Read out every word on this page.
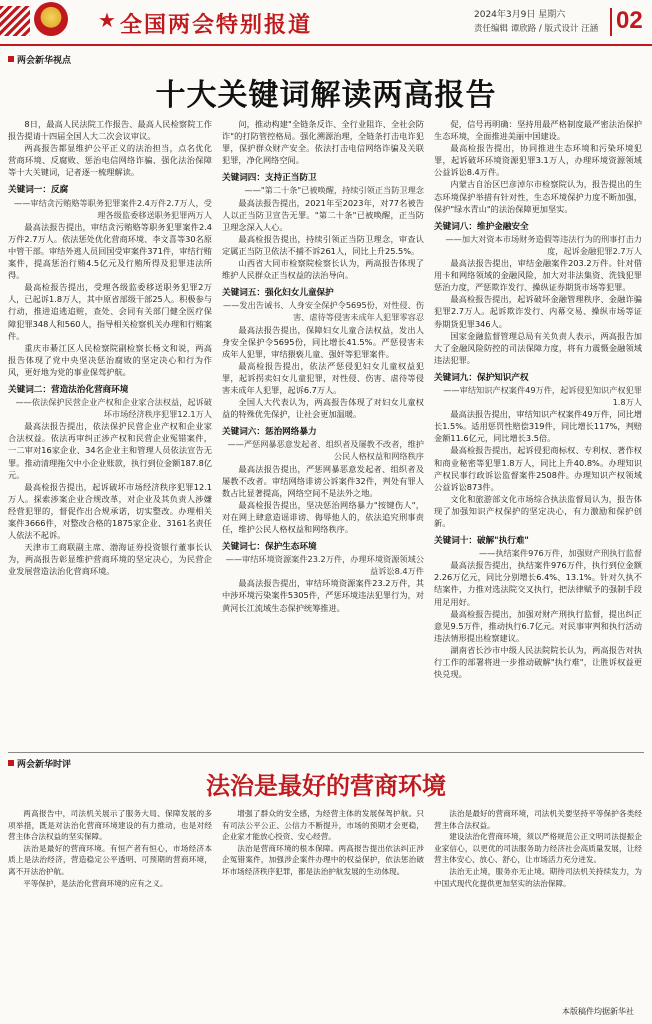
★ 全国两会特别报道	2024年3月9日 星期六
责任编辑 谭欣路 / 版式设计 汪涵 02
两会新华视点
十大关键词解读两高报告

8日，最高人民法院工作报告、最高人民检察院工作报告提请十四届全国人大二次会议审议。

两高报告都显维护公平正义的法治担当，点名优化营商环境、反腐败、惩治电信网络诈骗、强化法治保障等十大关键词，记者逐一梳理解读。

关键词一：反腐

——审结贪污贿赂等职务犯罪案件2.4万件2.7万人，受理各级监委移送职务犯罪两万人

最高法报告提出，审结贪污贿赂等职务犯罪案件2.4万件2.7万人。依法惩处优化营商环境、李文喜等30名原中管干部。审结外逃人员回国受审案件371件，审结行贿案件，提高惩治行贿4.5亿元及行贿所得及犯罪违法所得。

最高检报告提出，受理各级监委移送职务犯罪2万人，已起诉1.8万人，其中原省部级干部25人。积极参与行动，推进追逃追赃，查处、会同有关部门健全医疗保障犯罪348人和560人，指导相关检察机关办理和行贿案件。

重庆市綦江区人民检察院副检察长杨文和说，两高报告体现了党中央坚决惩治腐败的坚定决心和行为作风，更好地为党的事业保驾护航。

关键词二：营造法治化营商环境

——依法保护民营企业产权和企业家合法权益，起诉破坏市场经济秩序犯罪12.1万人

最高法报告提出，依法保护民营企业产权和企业家合法权益。依法再审纠正涉产权和民营企业冤错案件，一二审对16家企业、34名企业主和管理人员依法宣告无罪。推动清理拖欠中小企业账款，执行到位金额187.8亿元。

最高检报告提出，起诉破坏市场经济秩序犯罪12.1万人。探索涉案企业合规改革，对企业及其负责人涉嫌经营犯罪的，督促作出合规承诺，切实整改。办理相关案件3666件，对整改合格的1875家企业、3161名责任人依法不起诉。

天津市工商联副主席、渤海证券投资银行董事长认为，两高报告彰显维护营商环境的坚定决心，为民营企业发展营造法治化营商环境。

问，推动构建"全链条反诈、全行业阻诈、全社会防诈"的打防管控格局。强化溯源治理，全链条打击电诈犯罪，保护群众财产安全。依法打击电信网络诈骗及关联犯罪，净化网络空间。

关键词四：支持正当防卫

——"第二十条"已被唤醒，持续引领正当防卫理念

最高法报告提出，2021年至2023年，对77名被告人以正当防卫宣告无罪。"第二十条"已被唤醒，正当防卫理念深入人心。

最高检报告提出，持续引领正当防卫理念，审查认定属正当防卫依法不捕不诉261人，同比上升25.5%。

山西省大同市检察院检察长认为，两高报告体现了维护人民群众正当权益的法治导向。

关键词五：强化妇女儿童保护

——发出告诫书、人身安全保护令5695份，对性侵、伤害、虐待等侵害未成年人犯罪零容忍

最高法报告提出，保障妇女儿童合法权益，发出人身安全保护令5695份，同比增长41.5%。严惩侵害未成年人犯罪，审结猥亵儿童、强奸等犯罪案件。

最高检报告提出，依法严惩侵犯妇女儿童权益犯罪，起诉拐卖妇女儿童犯罪，对性侵、伤害、虐待等侵害未成年人犯罪，起诉6.7万人。

全国人大代表认为，两高报告体现了对妇女儿童权益的特殊优先保护，让社会更加温暖。

关键词六：惩治网络暴力

——严惩网暴恶意发起者、组织者及屡教不改者，维护公民人格权益和网络秩序

最高法报告提出，严惩网暴恶意发起者、组织者及屡教不改者。审结网络诽谤公诉案件32件，判处有罪人数占比显著提高，网络空间不是法外之地。

最高检报告提出，坚决惩治网络暴力"按键伤人"，对在网上肆意造谣诽谤、侮辱他人的，依法追究刑事责任，维护公民人格权益和网络秩序。

关键词七：保护生态环境

——审结环境资源案件23.2万件，办理环境资源领域公益诉讼8.4万件

最高法报告提出，审结环境资源案件23.2万件，其中涉环境污染案件5305件，严惩环境违法犯罪行为，对黄河长江流域生态保护统筹推进。

促，信号再明确：坚持用最严格制度最严密法治保护生态环境，全面推进美丽中国建设。

最高检报告提出，协同推进生态环境和污染环境犯罪，起诉破坏环境资源犯罪3.1万人，办理环境资源领域公益诉讼8.4万件。

内蒙古自治区巴彦淖尔市检察院认为，报告提出的生态环境保护举措有针对性，生态环境保护力度不断加强，保护"绿水青山"的法治保障更加坚实。

关键词八：维护金融安全

——加大对资本市场财务造假等违法行为的刑事打击力度，起诉金融犯罪2.7万人

最高法报告提出，审结金融案件203.2万件。针对借用卡和网络领域的金融风险，加大对非法集资、洗钱犯罪惩治力度，严惩欺诈发行、操纵证券期货市场等犯罪。

最高检报告提出，起诉破坏金融管理秩序、金融诈骗犯罪2.7万人。起诉欺诈发行、内幕交易、操纵市场等证券期货犯罪346人。

国家金融监督管理总局有关负责人表示，两高报告加大了金融风险防控的司法保障力度，将有力震慑金融领域违法犯罪。

关键词九：保护知识产权

——审结知识产权案件49万件，起诉侵犯知识产权犯罪1.8万人

最高法报告提出，审结知识产权案件49万件，同比增长1.5%。适用惩罚性赔偿319件，同比增长117%，判赔金额11.6亿元，同比增长3.5倍。

最高检报告提出，起诉侵犯商标权、专利权、著作权和商业秘密等犯罪1.8万人，同比上升40.8%。办理知识产权民事行政诉讼监督案件2508件。办理知识产权领域公益诉讼873件。

文化和旅游部文化市场综合执法监督局认为，报告体现了加强知识产权保护的坚定决心，有力激励和保护创新。

关键词十：破解"执行难"

——执结案件976万件，加强财产刑执行监督

最高法报告提出，执结案件976万件，执行到位金额2.26万亿元，同比分别增长6.4%、13.1%。针对久执不结案件，力推对选法院交叉执行，把法律赋予的强制手段用足用好。

最高检报告提出，加强对财产刑执行监督，提出纠正意见9.5万件，推动执行6.7亿元。对民事审判和执行活动违法情形提出检察建议。

湖南省长沙市中级人民法院院长认为，两高报告对执行工作的部署将进一步推动破解"执行难"，让胜诉权益更快兑现。

两会新华时评
法治是最好的营商环境

两高报告中，司法机关展示了服务大局、保障发展的多项举措，既是对法治化营商环境建设的有力推动，也是对经营主体合法权益的坚实保障。

法治是最好的营商环境。有恒产者有恒心，市场经济本质上是法治经济，营造稳定公平透明、可预期的营商环境，离不开法治护航。

平等保护，是法治化营商环境的应有之义。

增强了群众的安全感，为经营主体的发展保驾护航。只有司法公平公正、公信力不断提升，市场的预期才会更稳，企业家才能放心投资、安心经营。

法治是营商环境的根本保障。两高报告提出依法纠正涉企冤错案件，加强涉企案件办理中的权益保护，依法惩治破坏市场经济秩序犯罪，都是法治护航发展的生动体现。

法治是最好的营商环境，司法机关要坚持平等保护各类经营主体合法权益。

建设法治化营商环境，须以严格规范公正文明司法提振企业家信心，以更优的司法服务助力经济社会高质量发展，让经营主体安心、放心、舒心，让市场活力充分迸发。

法治无止境，服务亦无止境。期待司法机关持续发力，为中国式现代化提供更加坚实的法治保障。

本版稿件均据新华社
